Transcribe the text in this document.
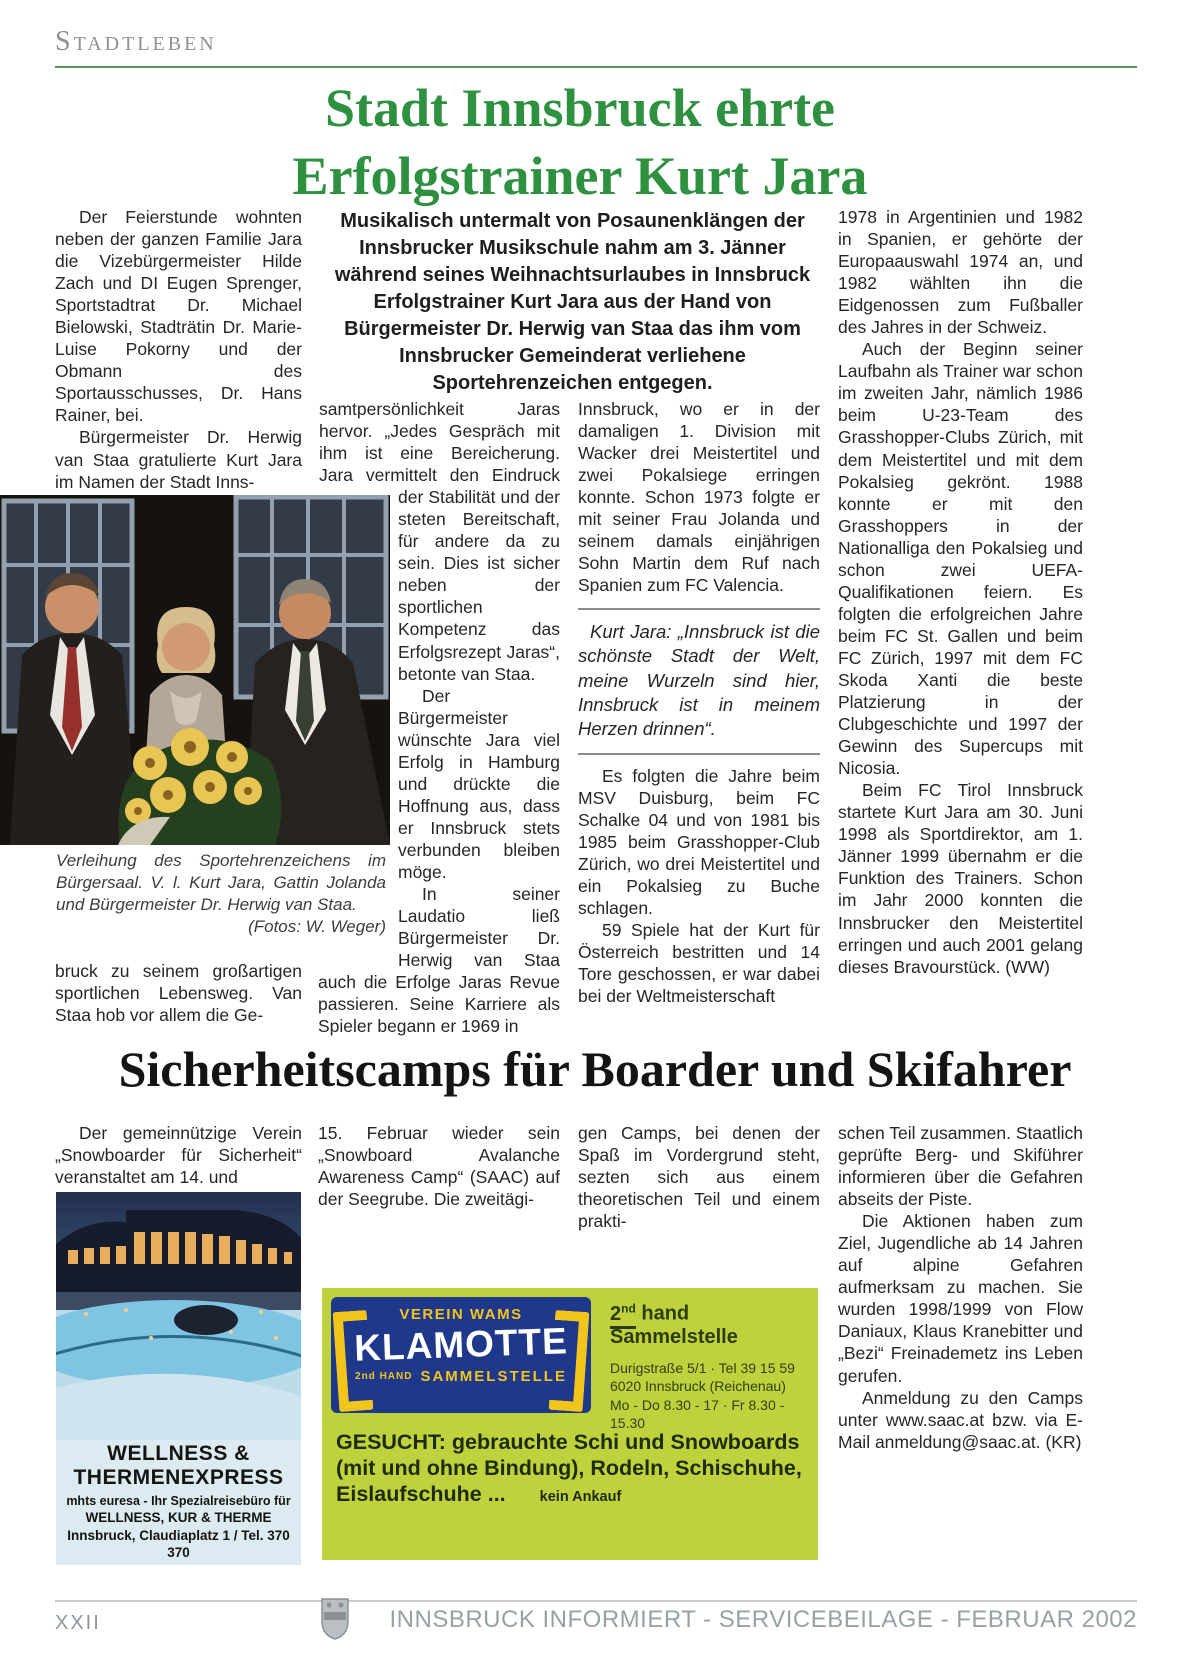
Stadtleben
Stadt Innsbruck ehrte
Erfolgstrainer Kurt Jara

Der Feierstunde wohnten neben der ganzen Familie Jara die Vizebürgermeister Hilde Zach und DI Eugen Sprenger, Sportstadtrat Dr. Michael Bielowski, Stadträtin Dr. Marie-Luise Pokorny und der Obmann des Sportausschusses, Dr. Hans Rainer, bei.

Bürgermeister Dr. Herwig van Staa gratulierte Kurt Jara im Namen der Stadt Inns-

Musikalisch untermalt von Posaunenklängen der Innsbrucker Musikschule nahm am 3. Jänner während seines Weihnachtsurlaubes in Innsbruck Erfolgstrainer Kurt Jara aus der Hand von Bürgermeister Dr. Herwig van Staa das ihm vom Innsbrucker Gemeinderat verliehene Sportehrenzeichen entgegen.

samtpersönlichkeit Jaras hervor. „Jedes Gespräch mit ihm ist eine Bereicherung. Jara vermittelt den Eindruck der Stabilität und der steten Bereitschaft, für andere da zu sein. Dies ist sicher neben der sportlichen Kompetenz das Erfolgsrezept Jaras“, betonte van Staa.

Der Bürgermeister wünschte Jara viel Erfolg in Hamburg und drückte die Hoffnung aus, dass er Innsbruck stets verbunden bleiben möge.

In seiner Laudatio ließ Bürgermeister Dr. Herwig van Staa auch die Erfolge Jaras Revue passieren. Seine Karriere als Spieler begann er 1969 in

Innsbruck, wo er in der damaligen 1. Division mit Wacker drei Meistertitel und zwei Pokalsiege erringen konnte. Schon 1973 folgte er mit seiner Frau Jolanda und seinem damals einjährigen Sohn Martin dem Ruf nach Spanien zum FC Valencia.

Kurt Jara: „Innsbruck ist die schönste Stadt der Welt, meine Wurzeln sind hier, Innsbruck ist in meinem Herzen drinnen“.

Es folgten die Jahre beim MSV Duisburg, beim FC Schalke 04 und von 1981 bis 1985 beim Grasshopper-Club Zürich, wo drei Meistertitel und ein Pokalsieg zu Buche schlagen.

59 Spiele hat der Kurt für Österreich bestritten und 14 Tore geschossen, er war dabei bei der Weltmeisterschaft

1978 in Argentinien und 1982 in Spanien, er gehörte der Europaauswahl 1974 an, und 1982 wählten ihn die Eidgenossen zum Fußballer des Jahres in der Schweiz.

Auch der Beginn seiner Laufbahn als Trainer war schon im zweiten Jahr, nämlich 1986 beim U-23-Team des Grasshopper-Clubs Zürich, mit dem Meistertitel und mit dem Pokalsieg gekrönt. 1988 konnte er mit den Grasshoppers in der Nationalliga den Pokalsieg und schon zwei UEFA-Qualifikationen feiern. Es folgten die erfolgreichen Jahre beim FC St. Gallen und beim FC Zürich, 1997 mit dem FC Skoda Xanti die beste Platzierung in der Clubgeschichte und 1997 der Gewinn des Supercups mit Nicosia.

Beim FC Tirol Innsbruck startete Kurt Jara am 30. Juni 1998 als Sportdirektor, am 1. Jänner 1999 übernahm er die Funktion des Trainers. Schon im Jahr 2000 konnten die Innsbrucker den Meistertitel erringen und auch 2001 gelang dieses Bravourstück. (WW)

Verleihung des Sportehrenzeichens im Bürgersaal. V. l. Kurt Jara, Gattin Jolanda und Bürgermeister Dr. Herwig van Staa.
(Fotos: W. Weger)

bruck zu seinem großartigen sportlichen Lebensweg. Van Staa hob vor allem die Ge-

Sicherheitscamps für Boarder und Skifahrer

Der gemeinnützige Verein „Snowboarder für Sicherheit“ veranstaltet am 14. und

15. Februar wieder sein „Snowboard Avalanche Awareness Camp“ (SAAC) auf der Seegrube. Die zweitägi-

gen Camps, bei denen der Spaß im Vordergrund steht, sezten sich aus einem theoretischen Teil und einem prakti-

schen Teil zusammen. Staatlich geprüfte Berg- und Skiführer informieren über die Gefahren abseits der Piste.

Die Aktionen haben zum Ziel, Jugendliche ab 14 Jahren auf alpine Gefahren aufmerksam zu machen. Sie wurden 1998/1999 von Flow Daniaux, Klaus Kranebitter und „Bezi“ Freinademetz ins Leben gerufen.

Anmeldung zu den Camps unter www.saac.at bzw. via E-Mail anmeldung@saac.at. (KR)

WELLNESS &
THERMENEXPRESS
mhts euresa - Ihr Spezialreisebüro für
WELLNESS, KUR & THERME
Innsbruck, Claudiaplatz 1 / Tel. 370 370
VEREIN WAMS
KLAMOTTE
2nd HAND SAMMELSTELLE
2nd hand Sammelstelle
Durigstraße 5/1 · Tel 39 15 59
6020 Innsbruck (Reichenau)
Mo - Do 8.30 - 17 · Fr 8.30 - 15.30
GESUCHT: gebrauchte Schi und Snowboards (mit und ohne Bindung), Rodeln, Schischuhe, Eislaufschuhe ... kein Ankauf
XXII	INNSBRUCK INFORMIERT - SERVICEBEILAGE - FEBRUAR 2002
